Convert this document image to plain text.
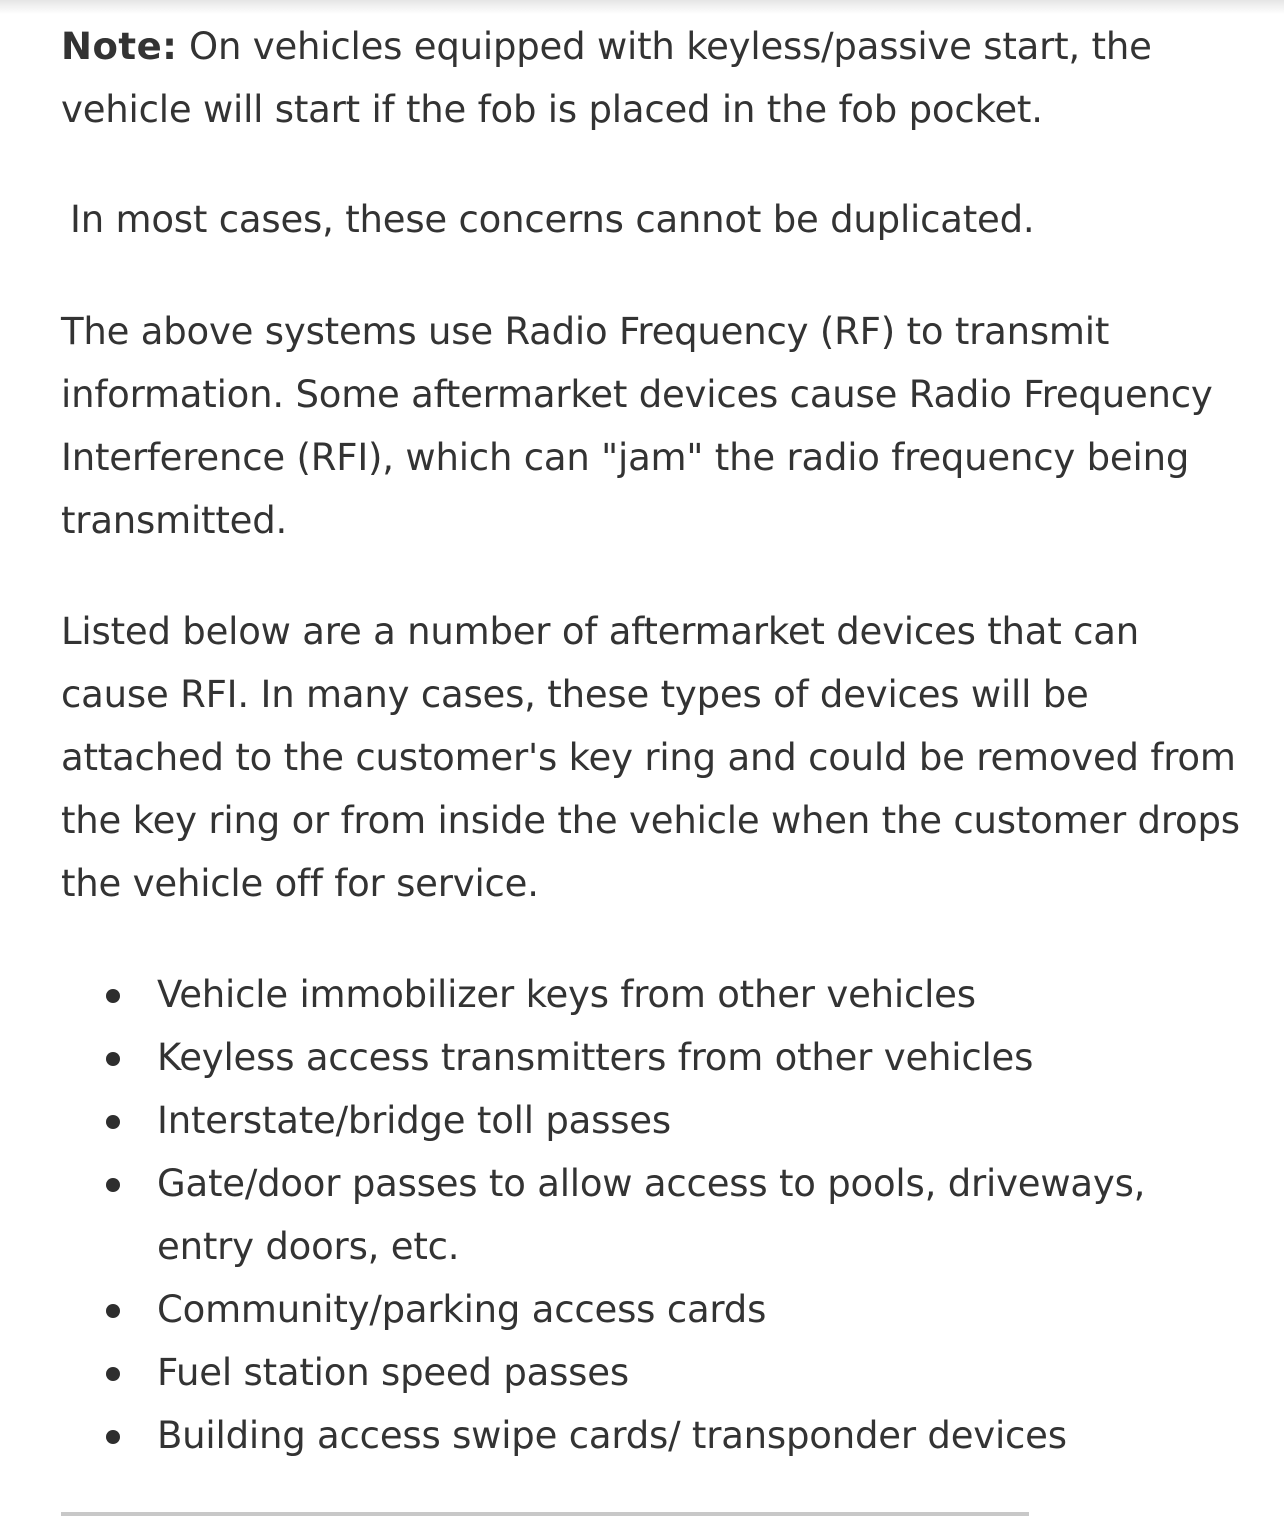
Note: On vehicles equipped with keyless/passive start, the vehicle will start if the fob is placed in the fob pocket.

In most cases, these concerns cannot be duplicated.

The above systems use Radio Frequency (RF) to transmit information. Some aftermarket devices cause Radio Frequency Interference (RFI), which can "jam" the radio frequency being transmitted.

Listed below are a number of aftermarket devices that can cause RFI. In many cases, these types of devices will be attached to the customer's key ring and could be removed from the key ring or from inside the vehicle when the customer drops the vehicle off for service.

Vehicle immobilizer keys from other vehicles
Keyless access transmitters from other vehicles
Interstate/bridge toll passes
Gate/door passes to allow access to pools, driveways, entry doors, etc.
Community/parking access cards
Fuel station speed passes
Building access swipe cards/ transponder devices
